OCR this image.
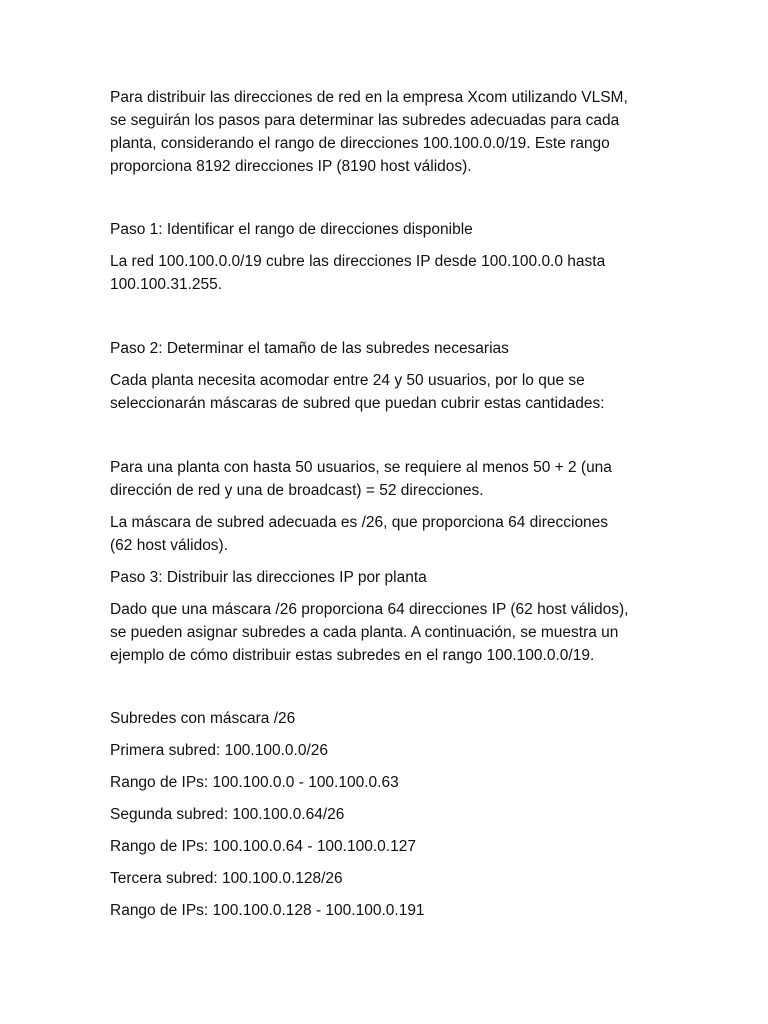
Para distribuir las direcciones de red en la empresa Xcom utilizando VLSM,
se seguirán los pasos para determinar las subredes adecuadas para cada
planta, considerando el rango de direcciones 100.100.0.0/19. Este rango
proporciona 8192 direcciones IP (8190 host válidos).
Paso 1: Identificar el rango de direcciones disponible
La red 100.100.0.0/19 cubre las direcciones IP desde 100.100.0.0 hasta
100.100.31.255.
Paso 2: Determinar el tamaño de las subredes necesarias
Cada planta necesita acomodar entre 24 y 50 usuarios, por lo que se
seleccionarán máscaras de subred que puedan cubrir estas cantidades:
Para una planta con hasta 50 usuarios, se requiere al menos 50 + 2 (una
dirección de red y una de broadcast) = 52 direcciones.
La máscara de subred adecuada es /26, que proporciona 64 direcciones
(62 host válidos).
Paso 3: Distribuir las direcciones IP por planta
Dado que una máscara /26 proporciona 64 direcciones IP (62 host válidos),
se pueden asignar subredes a cada planta. A continuación, se muestra un
ejemplo de cómo distribuir estas subredes en el rango 100.100.0.0/19.
Subredes con máscara /26
Primera subred: 100.100.0.0/26
Rango de IPs: 100.100.0.0 - 100.100.0.63
Segunda subred: 100.100.0.64/26
Rango de IPs: 100.100.0.64 - 100.100.0.127
Tercera subred: 100.100.0.128/26
Rango de IPs: 100.100.0.128 - 100.100.0.191
